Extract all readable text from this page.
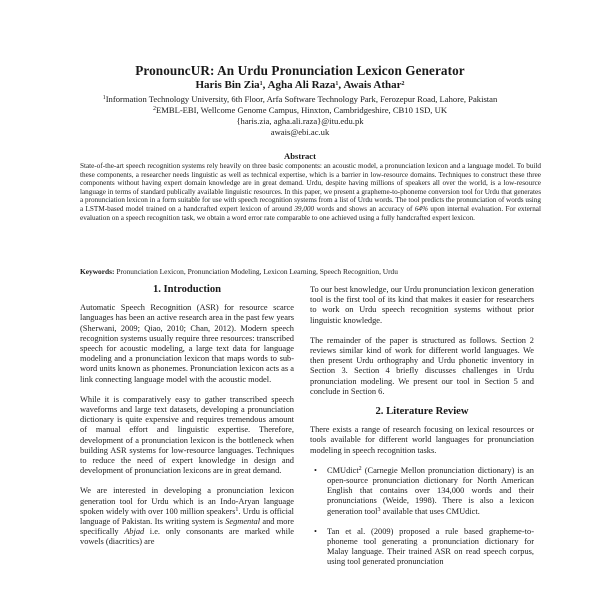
PronouncUR: An Urdu Pronunciation Lexicon Generator
Haris Bin Zia$^1$, Agha Ali Raza$^1$, Awais Athar$^2$
$^1$Information Technology University, 6th Floor, Arfa Software Technology Park, Ferozepur Road, Lahore, Pakistan
$^2$EMBL-EBI, Wellcome Genome Campus, Hinxton, Cambridgeshire, CB10 1SD, UK
{haris.zia, agha.ali.raza}@itu.edu.pk
awais@ebi.ac.uk
Abstract

State-of-the-art speech recognition systems rely heavily on three basic components: an acoustic model, a pronunciation lexicon and a language model. To build these components, a researcher needs linguistic as well as technical expertise, which is a barrier in low-resource domains. Techniques to construct these three components without having expert domain knowledge are in great demand. Urdu, despite having millions of speakers all over the world, is a low-resource language in terms of standard publically available linguistic resources. In this paper, we present a grapheme-to-phoneme conversion tool for Urdu that generates a pronunciation lexicon in a form suitable for use with speech recognition systems from a list of Urdu words. The tool predicts the pronunciation of words using a LSTM-based model trained on a handcrafted expert lexicon of around 39,000 words and shows an accuracy of 64% upon internal evaluation. For external evaluation on a speech recognition task, we obtain a word error rate comparable to one achieved using a fully handcrafted expert lexicon.

Keywords: Pronunciation Lexicon, Pronunciation Modeling, Lexicon Learning, Speech Recognition, Urdu

1. Introduction

Automatic Speech Recognition (ASR) for resource scarce languages has been an active research area in the past few years (Sherwani, 2009; Qiao, 2010; Chan, 2012). Modern speech recognition systems usually require three resources: transcribed speech for acoustic modeling, a large text data for language modeling and a pronunciation lexicon that maps words to sub-word units known as phonemes. Pronunciation lexicon acts as a link connecting language model with the acoustic model.

While it is comparatively easy to gather transcribed speech waveforms and large text datasets, developing a pronunciation dictionary is quite expensive and requires tremendous amount of manual effort and linguistic expertise. Therefore, development of a pronunciation lexicon is the bottleneck when building ASR systems for low-resource languages. Techniques to reduce the need of expert knowledge in design and development of pronunciation lexicons are in great demand.

We are interested in developing a pronunciation lexicon generation tool for Urdu which is an Indo-Aryan language spoken widely with over 100 million speakers$^1$. Urdu is official language of Pakistan. Its writing system is Segmental and more specifically Abjad i.e. only consonants are marked while vowels (diacritics) are

To our best knowledge, our Urdu pronunciation lexicon generation tool is the first tool of its kind that makes it easier for researchers to work on Urdu speech recognition systems without prior linguistic knowledge.

The remainder of the paper is structured as follows. Section 2 reviews similar kind of work for different world languages. We then present Urdu orthography and Urdu phonetic inventory in Section 3. Section 4 briefly discusses challenges in Urdu pronunciation modeling. We present our tool in Section 5 and conclude in Section 6.

2. Literature Review

There exists a range of research focusing on lexical resources or tools available for different world languages for pronunciation modeling in speech recognition tasks.

• CMUdict$^2$ (Carnegie Mellon pronunciation dictionary) is an open-source pronunciation dictionary for North American English that contains over 134,000 words and their pronunciations (Weide, 1998). There is also a lexicon generation tool$^3$ available that uses CMUdict.
• Tan et al. (2009) proposed a rule based grapheme-to-phoneme tool generating a pronunciation dictionary for Malay language. Their trained ASR on read speech corpus, using tool generated pronunciation
